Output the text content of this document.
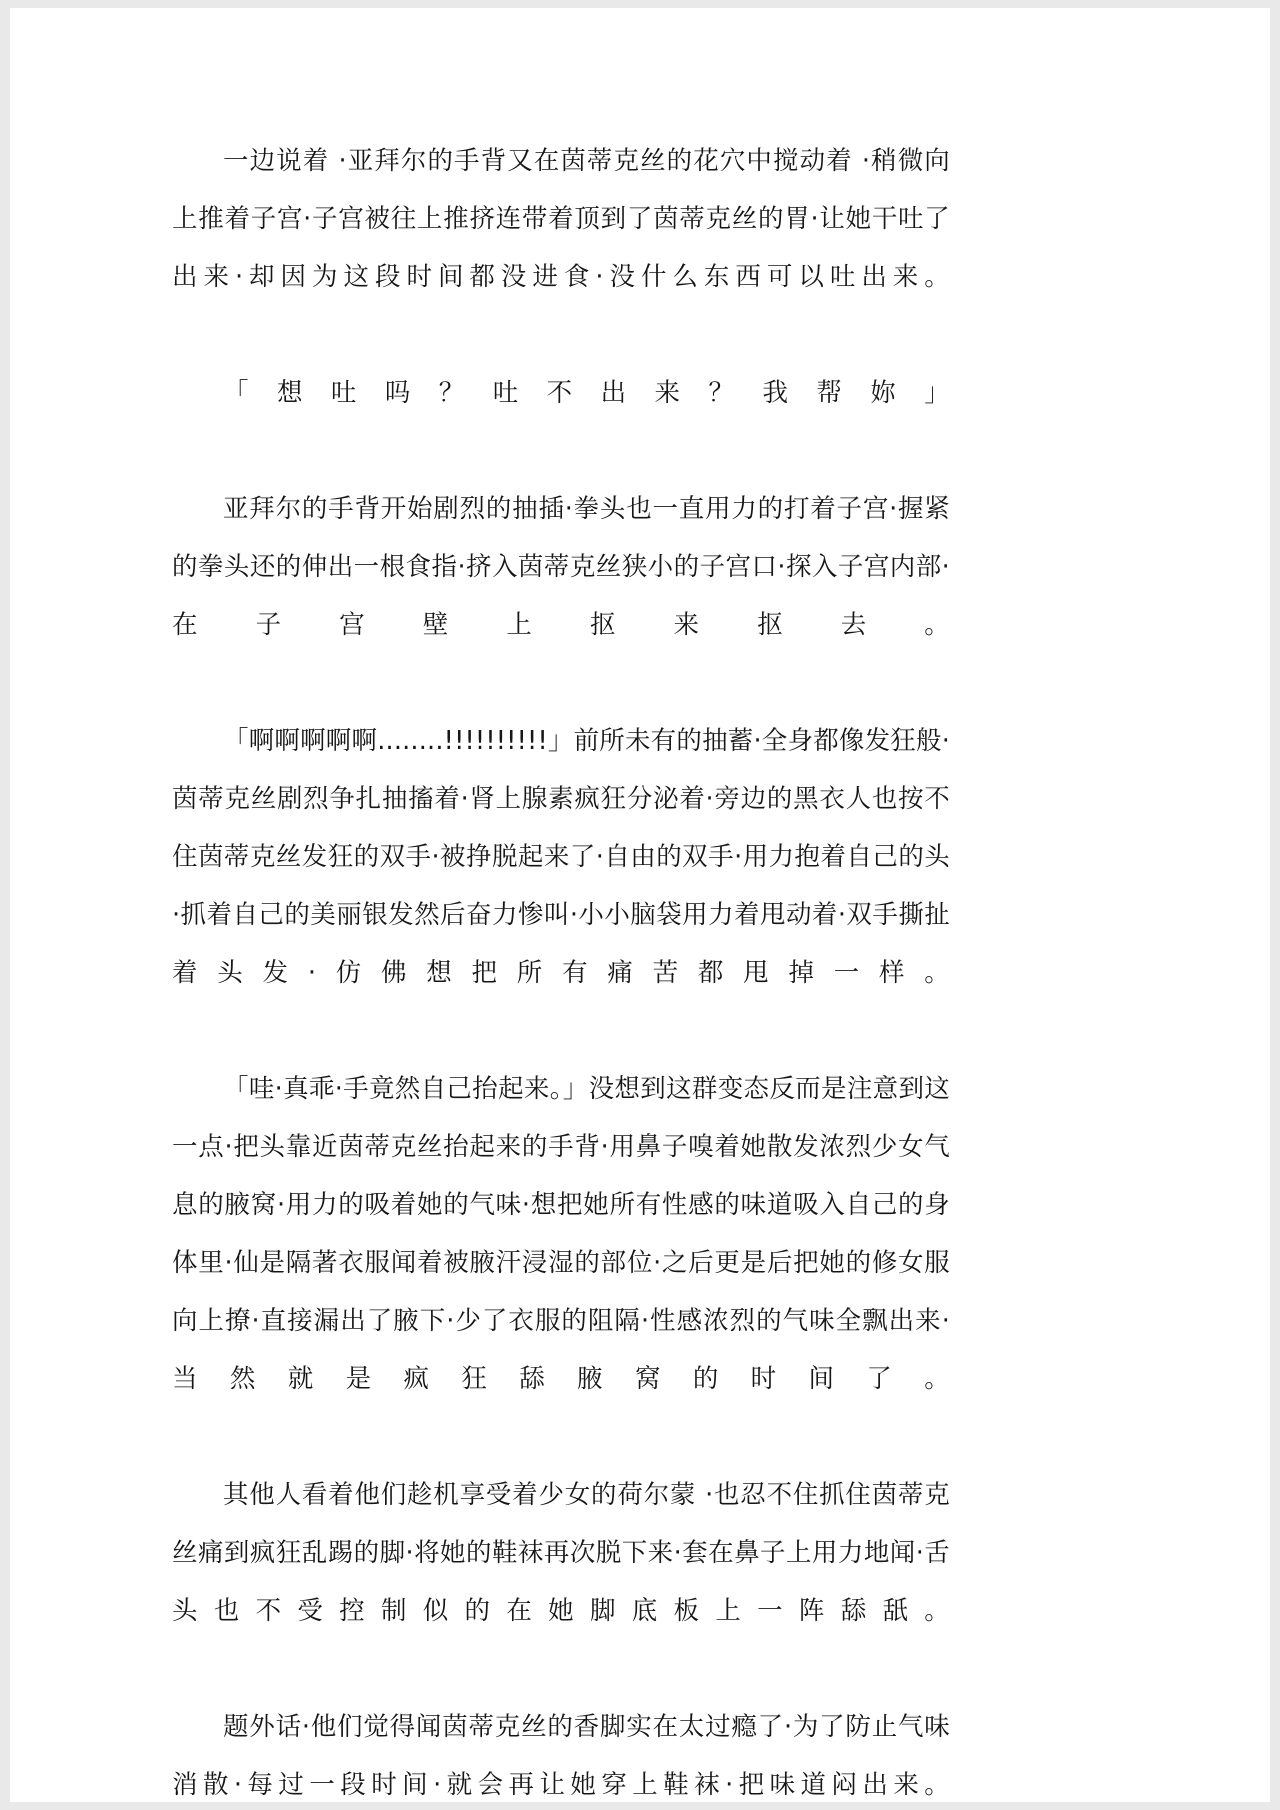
一边说着 ·亚拜尔的手背又在茵蒂克丝的花穴中搅动着 ·稍微向上推着子宫·子宫被往上推挤连带着顶到了茵蒂克丝的胃·让她干吐了出来·却因为这段时间都没进食·没什么东西可以吐出来。

「想吐吗？吐不出来？我帮妳」

亚拜尔的手背开始剧烈的抽插·拳头也一直用力的打着子宫·握紧的拳头还的伸出一根食指·挤入茵蒂克丝狭小的子宫口·探入子宫内部·在子宫壁上抠来抠去。

「啊啊啊啊啊........!!!!!!!!!!」前所未有的抽蓄·全身都像发狂般·茵蒂克丝剧烈争扎抽搐着·肾上腺素疯狂分泌着·旁边的黑衣人也按不住茵蒂克丝发狂的双手·被挣脱起来了·自由的双手·用力抱着自己的头·抓着自己的美丽银发然后奋力惨叫·小小脑袋用力着甩动着·双手撕扯着头发·仿佛想把所有痛苦都甩掉一样。

「哇·真乖·手竟然自己抬起来。」没想到这群变态反而是注意到这一点·把头靠近茵蒂克丝抬起来的手背·用鼻子嗅着她散发浓烈少女气息的腋窝·用力的吸着她的气味·想把她所有性感的味道吸入自己的身体里·仙是隔著衣服闻着被腋汗浸湿的部位·之后更是后把她的修女服向上撩·直接漏出了腋下·少了衣服的阻隔·性感浓烈的气味全飘出来·当然就是疯狂舔腋窝的时间了。

其他人看着他们趁机享受着少女的荷尔蒙 ·也忍不住抓住茵蒂克丝痛到疯狂乱踢的脚·将她的鞋袜再次脱下来·套在鼻子上用力地闻·舌头也不受控制似的在她脚底板上一阵舔舐。

题外话·他们觉得闻茵蒂克丝的香脚实在太过瘾了·为了防止气味消散·每过一段时间·就会再让她穿上鞋袜·把味道闷出来。
